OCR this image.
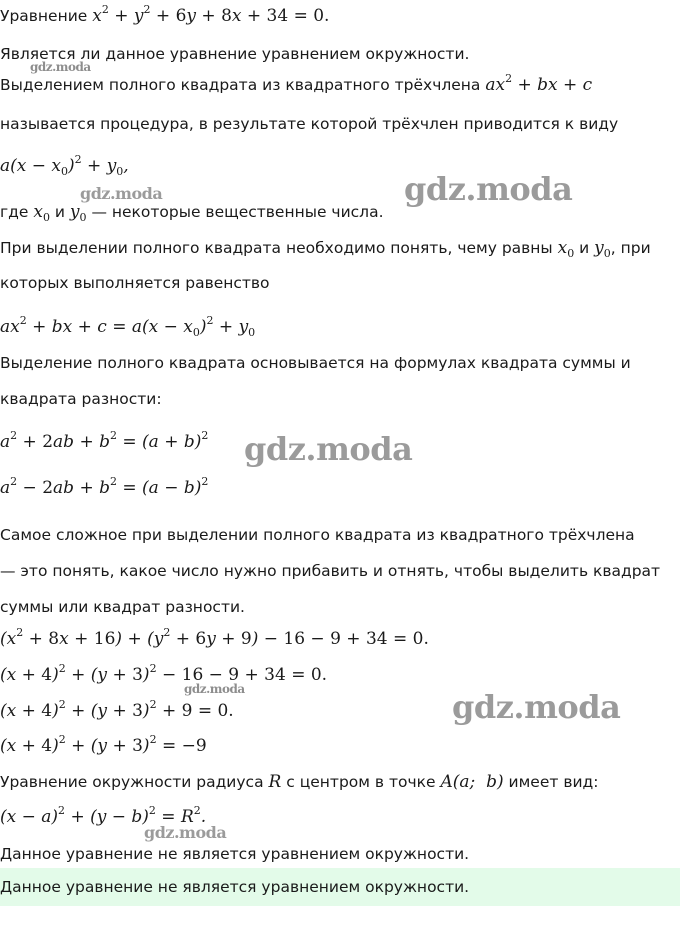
Уравнение $x^2 + y^2 + 6y + 8x + 34 = 0$.
Является ли данное уравнение уравнением окружности.
Выделением полного квадрата из квадратного трёхчлена $ax^2$ + bx + c
называется процедура, в результате которой трёхчлен приводится к виду
$a(x - x_0)^2 + y_0$,
где $x_0$ и $y_0$ — некоторые вещественные числа.
При выделении полного квадрата необходимо понять, чему равны $x_0$ и $y_0$, при
которых выполняется равенство
$ax^2$ + bx + $c = a(x - x_0)^2 + y_0$
Выделение полного квадрата основывается на формулах квадрата суммы и
квадрата разности:
$a^2 + 2ab + b^2 = (a + b)^2$
$a^2 - 2ab + b^2 = (a - b)^2$
Самое сложное при выделении полного квадрата из квадратного трёхчлена
— это понять, какое число нужно прибавить и отнять, чтобы выделить квадрат
суммы или квадрат разности.
$(x^2 + 8x + 16) + (y^2 + 6y + 9) - 16 - 9 + 34 = 0$.
$(x + 4)^2 + (y + 3)^2 - 16 - 9 + 34 = 0$.
$(x + 4)^2 + (y + 3)^2 + 9 = 0$.
$(x + 4)^2 + (y + 3)^2 = -9$
Уравнение окружности радиуса R с центром в точке A(a;  b) имеет вид:
$(x - a)^2 + (y - b)^2 = R^2$.
Данное уравнение не является уравнением окружности.
Данное уравнение не является уравнением окружности.
gdz.moda
gdz.moda	gdz.moda
gdz.moda
gdz.moda	gdz.moda
gdz.moda
